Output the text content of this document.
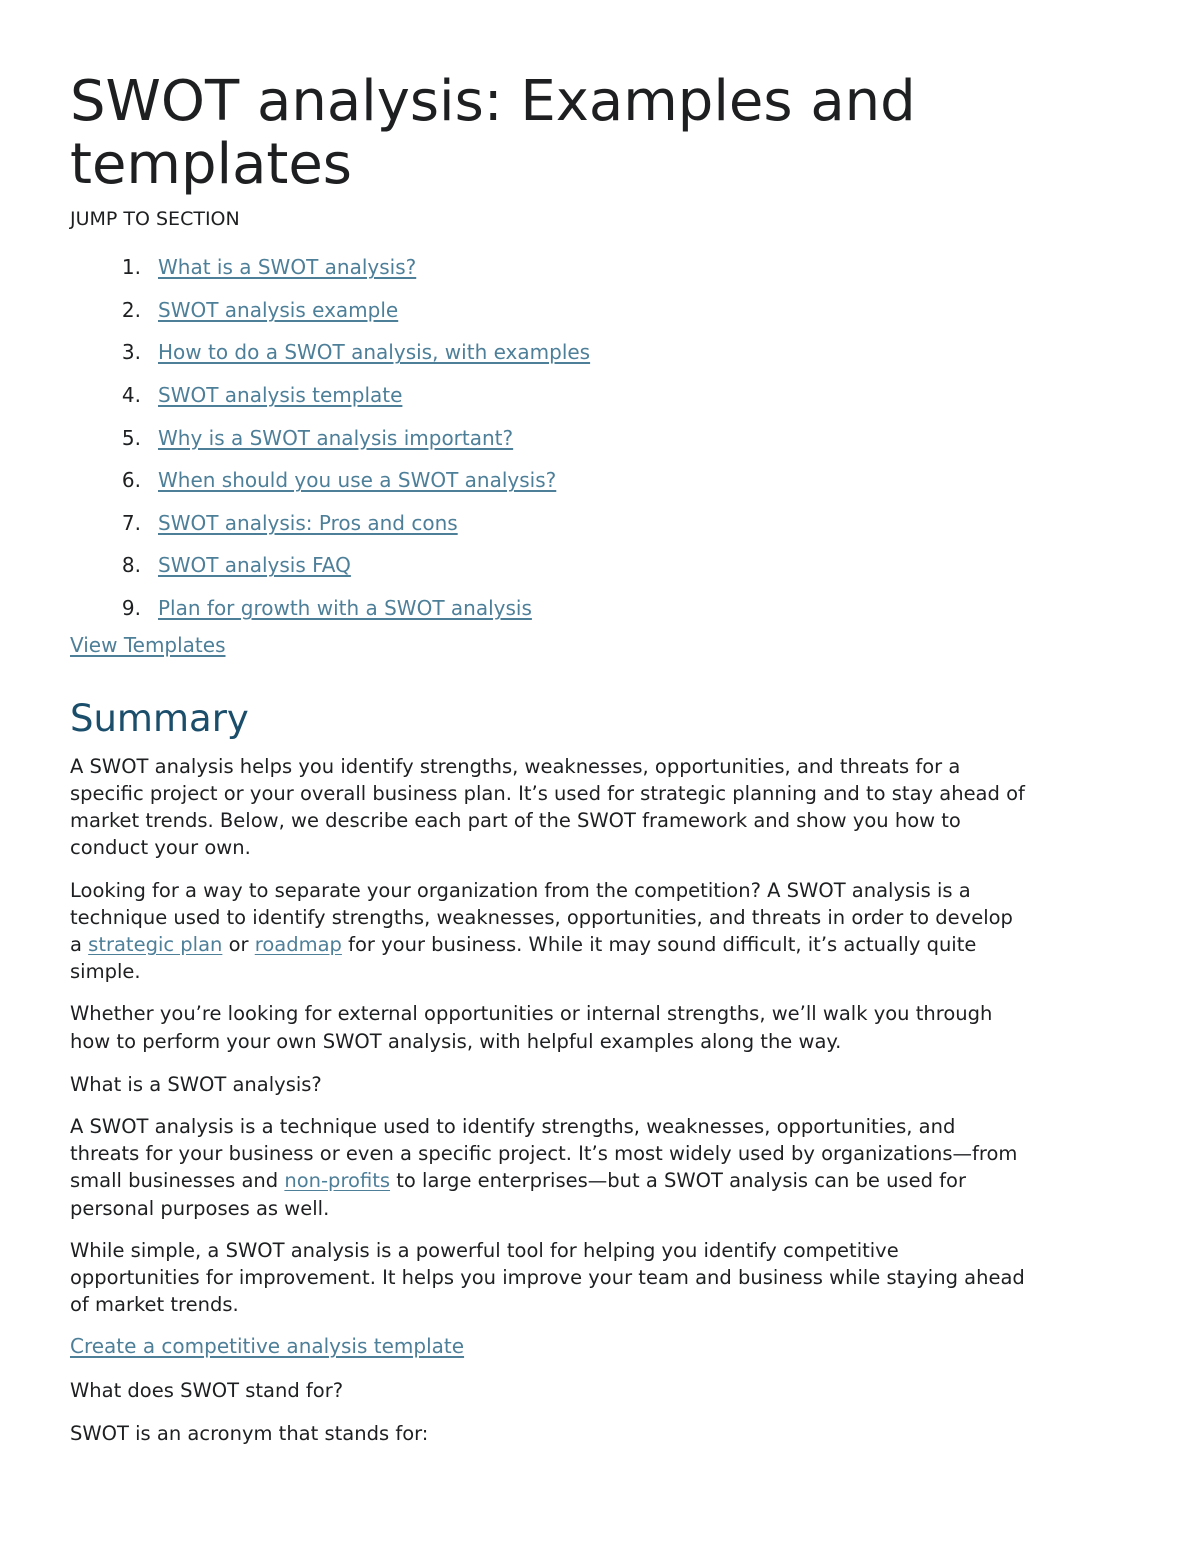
SWOT analysis: Examples and
templates
JUMP TO SECTION
1. What is a SWOT analysis?
2. SWOT analysis example
3. How to do a SWOT analysis, with examples
4. SWOT analysis template
5. Why is a SWOT analysis important?
6. When should you use a SWOT analysis?
7. SWOT analysis: Pros and cons
8. SWOT analysis FAQ
9. Plan for growth with a SWOT analysis
View Templates
Summary
A SWOT analysis helps you identify strengths, weaknesses, opportunities, and threats for a
specific project or your overall business plan. It’s used for strategic planning and to stay ahead of
market trends. Below, we describe each part of the SWOT framework and show you how to
conduct your own.
Looking for a way to separate your organization from the competition? A SWOT analysis is a
technique used to identify strengths, weaknesses, opportunities, and threats in order to develop
a strategic plan or roadmap for your business. While it may sound difficult, it’s actually quite
simple.
Whether you’re looking for external opportunities or internal strengths, we’ll walk you through
how to perform your own SWOT analysis, with helpful examples along the way.
What is a SWOT analysis?
A SWOT analysis is a technique used to identify strengths, weaknesses, opportunities, and
threats for your business or even a specific project. It’s most widely used by organizations—from
small businesses and non-profits to large enterprises—but a SWOT analysis can be used for
personal purposes as well.
While simple, a SWOT analysis is a powerful tool for helping you identify competitive
opportunities for improvement. It helps you improve your team and business while staying ahead
of market trends.
Create a competitive analysis template
What does SWOT stand for?
SWOT is an acronym that stands for:
